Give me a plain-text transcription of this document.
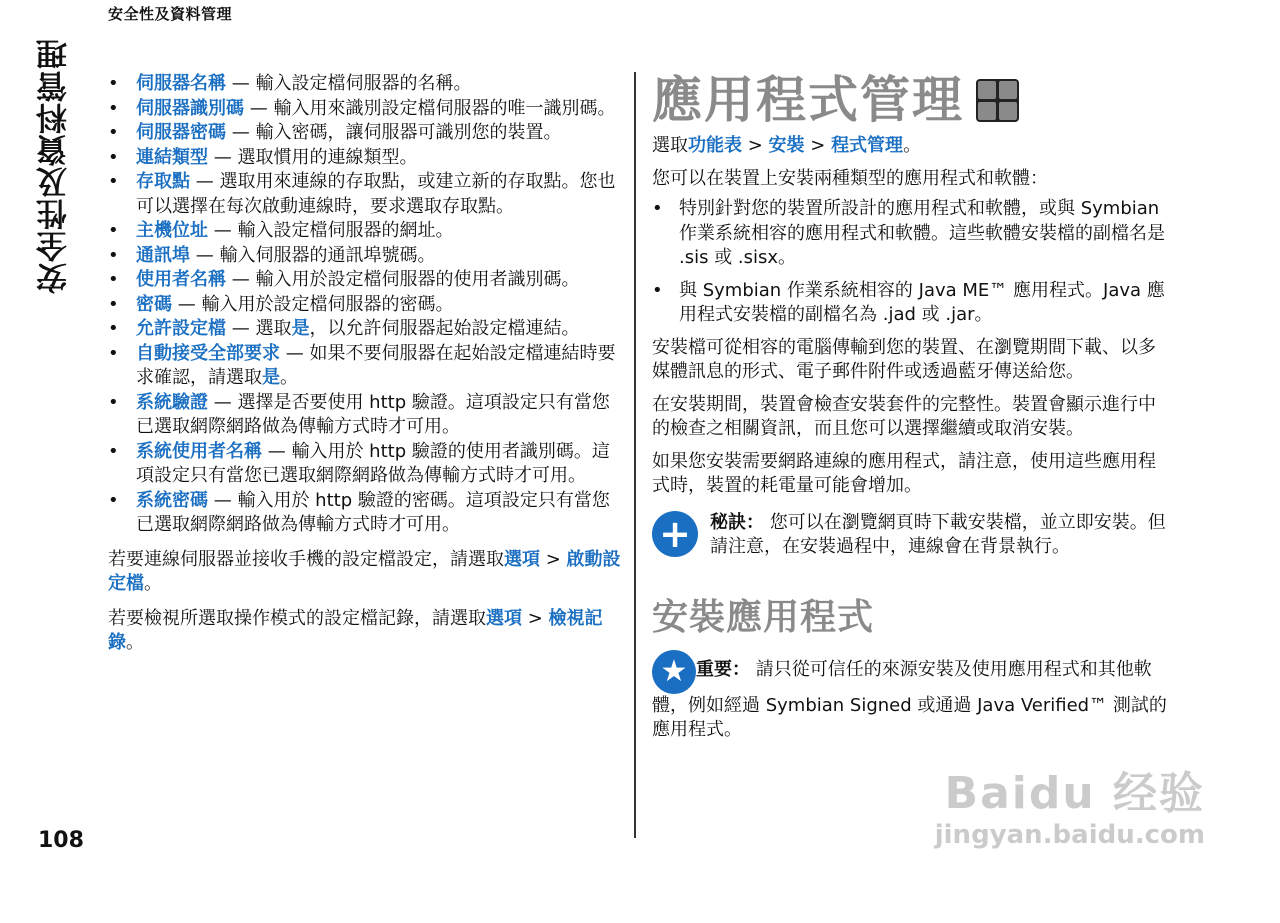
安全性及資料管理
安全性及資料管理
108
• 伺服器名稱 — 輸入設定檔伺服器的名稱。
• 伺服器識別碼 — 輸入用來識別設定檔伺服器的唯一識別碼。
• 伺服器密碼 — 輸入密碼，讓伺服器可識別您的裝置。
• 連結類型 — 選取慣用的連線類型。
• 存取點 — 選取用來連線的存取點，或建立新的存取點。您也可以選擇在每次啟動連線時，要求選取存取點。
• 主機位址 — 輸入設定檔伺服器的網址。
• 通訊埠 — 輸入伺服器的通訊埠號碼。
• 使用者名稱 — 輸入用於設定檔伺服器的使用者識別碼。
• 密碼 — 輸入用於設定檔伺服器的密碼。
• 允許設定檔 — 選取是，以允許伺服器起始設定檔連結。
• 自動接受全部要求 — 如果不要伺服器在起始設定檔連結時要求確認，請選取是。
• 系統驗證 — 選擇是否要使用 http 驗證。這項設定只有當您已選取網際網路做為傳輸方式時才可用。
• 系統使用者名稱 — 輸入用於 http 驗證的使用者識別碼。這項設定只有當您已選取網際網路做為傳輸方式時才可用。
• 系統密碼 — 輸入用於 http 驗證的密碼。這項設定只有當您已選取網際網路做為傳輸方式時才可用。

若要連線伺服器並接收手機的設定檔設定，請選取選項 > 啟動設定檔。

若要檢視所選取操作模式的設定檔記錄，請選取選項 > 檢視記錄。

應用程式管理

選取功能表 > 安裝 > 程式管理。

您可以在裝置上安裝兩種類型的應用程式和軟體：

• 特別針對您的裝置所設計的應用程式和軟體，或與 Symbian 作業系統相容的應用程式和軟體。這些軟體安裝檔的副檔名是 .sis 或 .sisx。
• 與 Symbian 作業系統相容的 Java ME™ 應用程式。Java 應用程式安裝檔的副檔名為 .jad 或 .jar。

安裝檔可從相容的電腦傳輸到您的裝置、在瀏覽期間下載、以多媒體訊息的形式、電子郵件附件或透過藍牙傳送給您。

在安裝期間，裝置會檢查安裝套件的完整性。裝置會顯示進行中的檢查之相關資訊，而且您可以選擇繼續或取消安裝。

如果您安裝需要網路連線的應用程式，請注意，使用這些應用程式時，裝置的耗電量可能會增加。

+	秘訣： 您可以在瀏覽網頁時下載安裝檔，並立即安裝。但請注意，在安裝過程中，連線會在背景執行。
安裝應用程式
★ 重要： 請只從可信任的來源安裝及使用應用程式和其他軟體，例如經過 Symbian Signed 或通過 Java Verified™ 測試的應用程式。
Baidu 经验
jingyan.baidu.com
